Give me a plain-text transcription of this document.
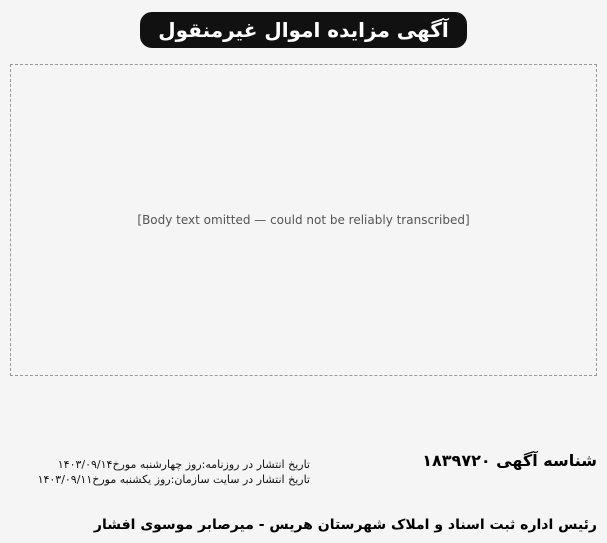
آگهی مزایده اموال غیرمنقول
[Body text omitted — could not be reliably transcribed]
شناسه آگهی ۱۸۳۹۷۲۰
رئیس اداره ثبت اسناد و املاک شهرستان هریس - میرصابر موسوی افشار
تاریخ انتشار در روزنامه:روز چهارشنبه مورخ۱۴۰۳/۰۹/۱۴
تاریخ انتشار در سایت سازمان:روز یکشنبه مورخ۱۴۰۳/۰۹/۱۱
